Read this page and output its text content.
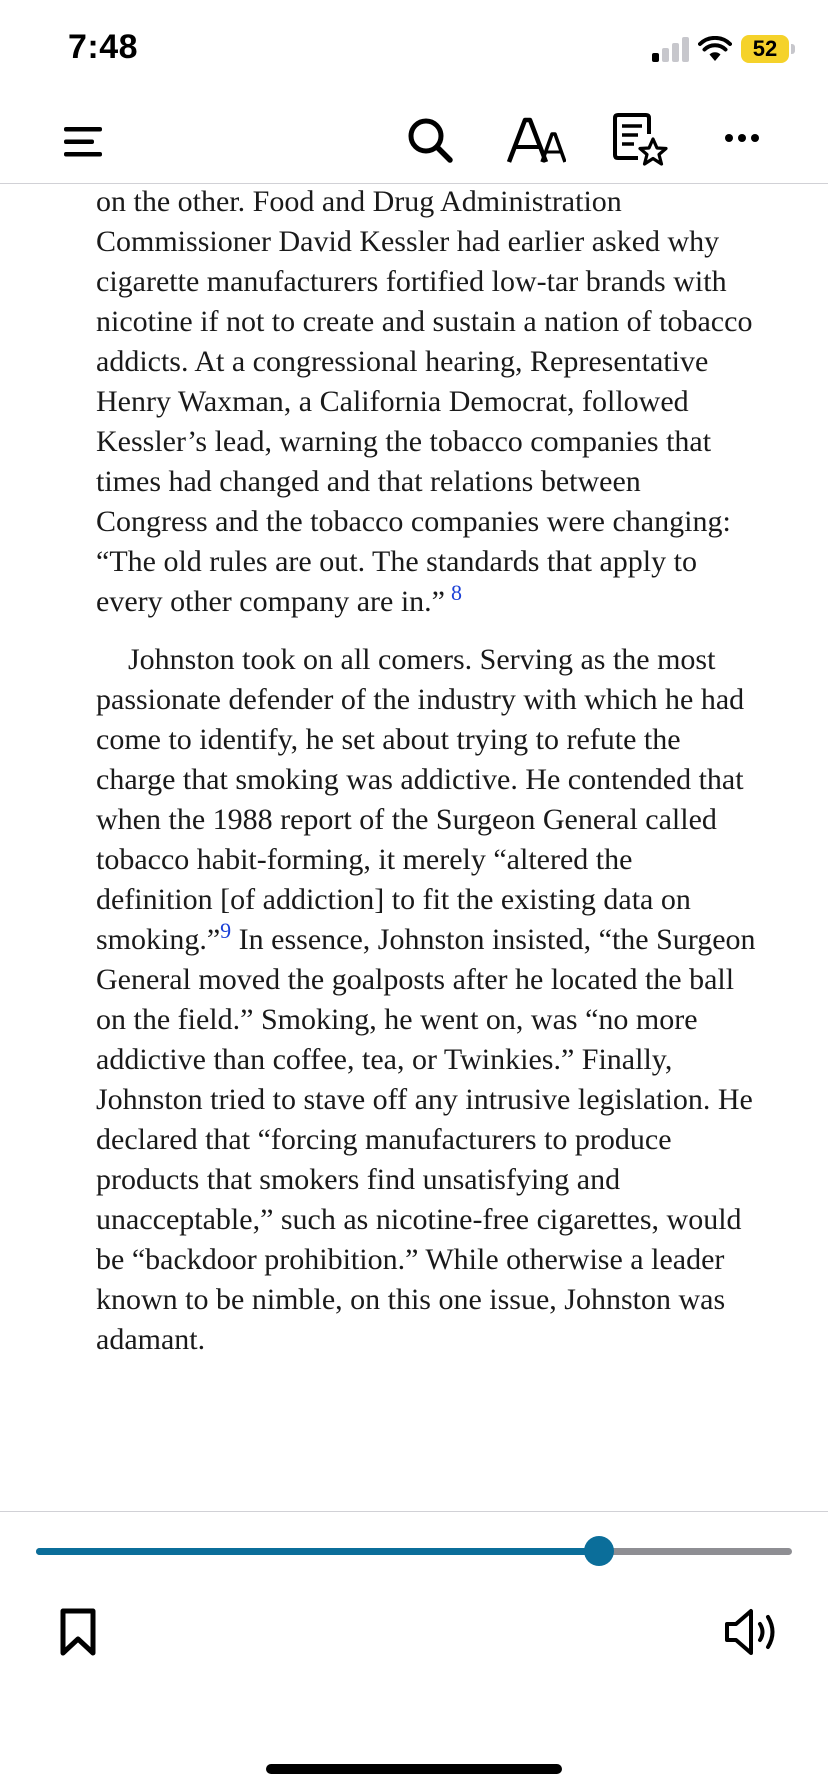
7:48	52

on the other. Food and Drug Administration Commissioner David Kessler had earlier asked why cigarette manufacturers fortified low-tar brands with nicotine if not to create and sustain a nation of tobacco addicts. At a congressional hearing, Representative Henry Waxman, a California Democrat, followed Kessler’s lead, warning the tobacco companies that times had changed and that relations between Congress and the tobacco companies were changing: “The old rules are out. The standards that apply to every other company are in.” $^8$

Johnston took on all comers. Serving as the most passionate defender of the industry with which he had come to identify, he set about trying to refute the charge that smoking was addictive. He contended that when the 1988 report of the Surgeon General called tobacco habit-forming, it merely “altered the definition [of addiction] to fit the existing data on smoking.”$^9$ In essence, Johnston insisted, “the Surgeon General moved the goalposts after he located the ball on the field.” Smoking, he went on, was “no more addictive than coffee, tea, or Twinkies.” Finally, Johnston tried to stave off any intrusive legislation. He declared that “forcing manufacturers to produce products that smokers find unsatisfying and unacceptable,” such as nicotine-free cigarettes, would be “backdoor prohibition.” While otherwise a leader known to be nimble, on this one issue, Johnston was adamant.
